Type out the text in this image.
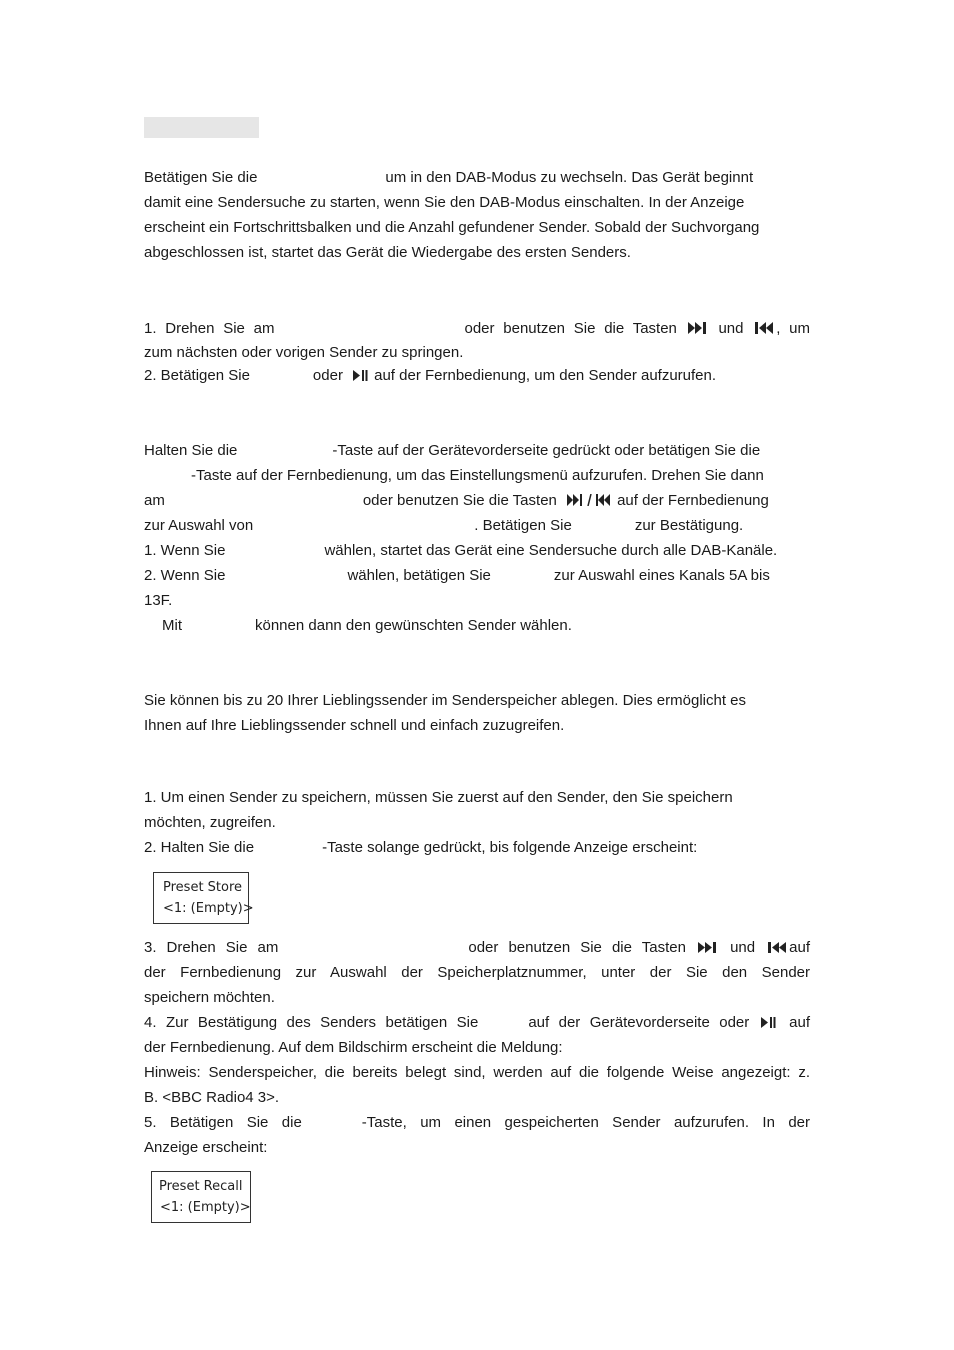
Betätigen Sie die	um in den DAB-Modus zu wechseln. Das Gerät beginnt
damit eine Sendersuche zu starten, wenn Sie den DAB-Modus einschalten. In der Anzeige
erscheint ein Fortschrittsbalken und die Anzahl gefundener Sender. Sobald der Suchvorgang
abgeschlossen ist, startet das Gerät die Wiedergabe des ersten Senders.
1. Drehen Sie am	oder benutzen Sie die Tasten	und , um
zum nächsten oder vorigen Sender zu springen.
2. Betätigen Sie	oder auf der Fernbedienung, um den Sender aufzurufen.
Halten Sie die	-Taste auf der Gerätevorderseite gedrückt oder betätigen Sie die
-Taste auf der Fernbedienung, um das Einstellungsmenü aufzurufen. Drehen Sie dann
am	oder benutzen Sie die Tasten	auf der Fernbedienung
zur Auswahl von	. Betätigen Sie	zur Bestätigung.
1. Wenn Sie	wählen, startet das Gerät eine Sendersuche durch alle DAB-Kanäle.
2. Wenn Sie	wählen, betätigen Sie	zur Auswahl eines Kanals 5A bis
13F.
Mit	können dann den gewünschten Sender wählen.
Sie können bis zu 20 Ihrer Lieblingssender im Senderspeicher ablegen. Dies ermöglicht es
Ihnen auf Ihre Lieblingssender schnell und einfach zuzugreifen.
1. Um einen Sender zu speichern, müssen Sie zuerst auf den Sender, den Sie speichern
möchten, zugreifen.
2. Halten Sie die	-Taste solange gedrückt, bis folgende Anzeige erscheint:
Preset Store
<1: (Empty)>
3. Drehen Sie am	oder benutzen Sie die Tasten	und auf
der Fernbedienung zur Auswahl der Speicherplatznummer, unter der Sie den Sender
speichern möchten.
4. Zur Bestätigung des Senders betätigen Sie	auf der Gerätevorderseite oder	auf
der Fernbedienung. Auf dem Bildschirm erscheint die Meldung:
Hinweis: Senderspeicher, die bereits belegt sind, werden auf die folgende Weise angezeigt: z.
B. <BBC Radio4 3>.
5. Betätigen Sie die	-Taste, um einen gespeicherten Sender aufzurufen. In der
Anzeige erscheint:
Preset Recall
<1: (Empty)>
